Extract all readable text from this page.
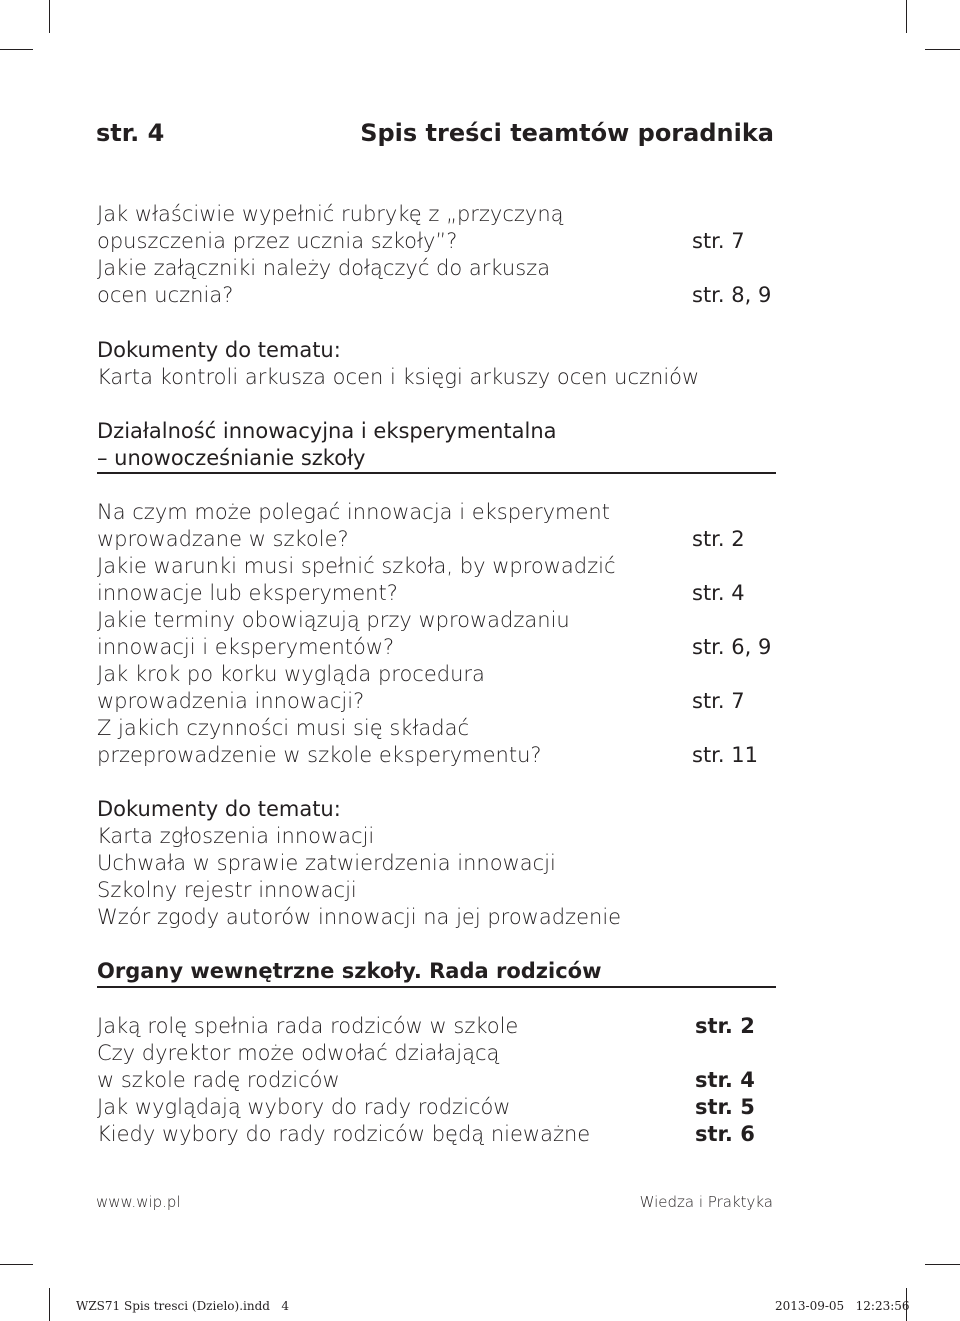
str. 4	Spis treści teamtów poradnika
Jak właściwie wypełnić rubrykę z „przyczyną
opuszczenia przez ucznia szkoły”?	str. 7
Jakie załączniki należy dołączyć do arkusza
ocen ucznia?	str. 8, 9
Dokumenty do tematu:
Karta kontroli arkusza ocen i księgi arkuszy ocen uczniów
Działalność innowacyjna i eksperymentalna
– unowocześnianie szkoły
Na czym może polegać innowacja i eksperyment
wprowadzane w szkole?	str. 2
Jakie warunki musi spełnić szkoła, by wprowadzić
innowacje lub eksperyment?	str. 4
Jakie terminy obowiązują przy wprowadzaniu
innowacji i eksperymentów?	str. 6, 9
Jak krok po korku wygląda procedura
wprowadzenia innowacji?	str. 7
Z jakich czynności musi się składać
przeprowadzenie w szkole eksperymentu?	str. 11
Dokumenty do tematu:
Karta zgłoszenia innowacji
Uchwała w sprawie zatwierdzenia innowacji
Szkolny rejestr innowacji
Wzór zgody autorów innowacji na jej prowadzenie
Organy wewnętrzne szkoły. Rada rodziców
Jaką rolę spełnia rada rodziców w szkole	str. 2
Czy dyrektor może odwołać działającą
w szkole radę rodziców	str. 4
Jak wyglądają wybory do rady rodziców	str. 5
Kiedy wybory do rady rodziców będą nieważne	str. 6
www.wip.pl	Wiedza i Praktyka
WZS71 Spis tresci (Dzielo).indd   4	2013-09-05   12:23:56
